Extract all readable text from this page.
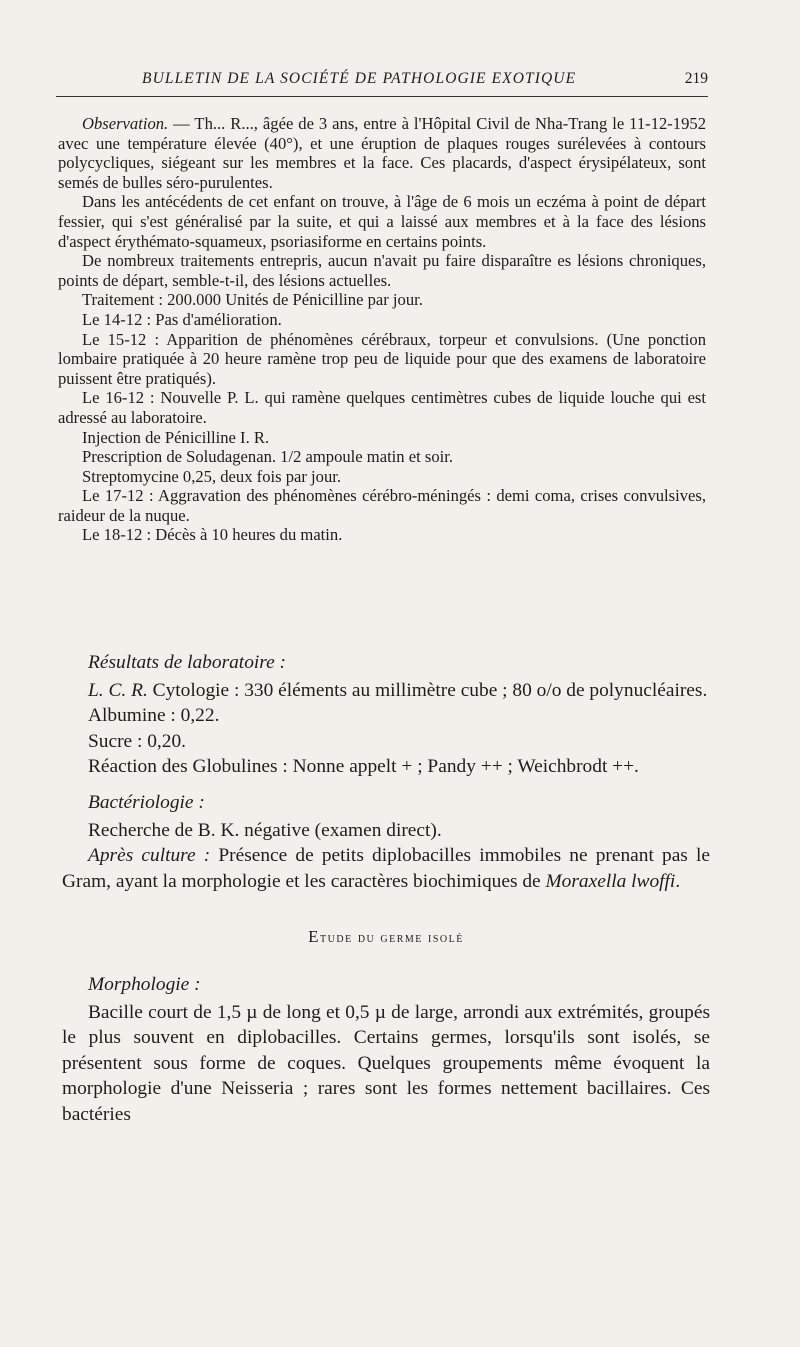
BULLETIN DE LA SOCIÉTÉ DE PATHOLOGIE EXOTIQUE	219

Observation. — Th... R..., âgée de 3 ans, entre à l'Hôpital Civil de Nha-Trang le 11-12-1952 avec une température élevée (40°), et une éruption de plaques rouges surélevées à contours polycycliques, siégeant sur les membres et la face. Ces placards, d'aspect érysipélateux, sont semés de bulles séro-purulentes.

Dans les antécédents de cet enfant on trouve, à l'âge de 6 mois un eczéma à point de départ fessier, qui s'est généralisé par la suite, et qui a laissé aux membres et à la face des lésions d'aspect érythémato-squameux, psoriasiforme en certains points.

De nombreux traitements entrepris, aucun n'avait pu faire disparaître es lésions chroniques, points de départ, semble-t-il, des lésions actuelles.

Traitement : 200.000 Unités de Pénicilline par jour.

Le 14-12 : Pas d'amélioration.

Le 15-12 : Apparition de phénomènes cérébraux, torpeur et convulsions. (Une ponction lombaire pratiquée à 20 heure ramène trop peu de liquide pour que des examens de laboratoire puissent être pratiqués).

Le 16-12 : Nouvelle P. L. qui ramène quelques centimètres cubes de liquide louche qui est adressé au laboratoire.

Injection de Pénicilline I. R.

Prescription de Soludagenan. 1/2 ampoule matin et soir.

Streptomycine 0,25, deux fois par jour.

Le 17-12 : Aggravation des phénomènes cérébro-méningés : demi coma, crises convulsives, raideur de la nuque.

Le 18-12 : Décès à 10 heures du matin.

Résultats de laboratoire :

L. C. R. Cytologie : 330 éléments au millimètre cube ; 80 o/o de polynucléaires.

Albumine : 0,22.

Sucre : 0,20.

Réaction des Globulines : Nonne appelt + ; Pandy ++ ; Weichbrodt ++.

Bactériologie :

Recherche de B. K. négative (examen direct).

Après culture : Présence de petits diplobacilles immobiles ne prenant pas le Gram, ayant la morphologie et les caractères biochimiques de Moraxella lwoffi.

Etude du germe isolé

Morphologie :

Bacille court de 1,5 µ de long et 0,5 µ de large, arrondi aux extrémités, groupés le plus souvent en diplobacilles. Certains germes, lorsqu'ils sont isolés, se présentent sous forme de coques. Quelques groupements même évoquent la morphologie d'une Neisseria ; rares sont les formes nettement bacillaires. Ces bactéries
